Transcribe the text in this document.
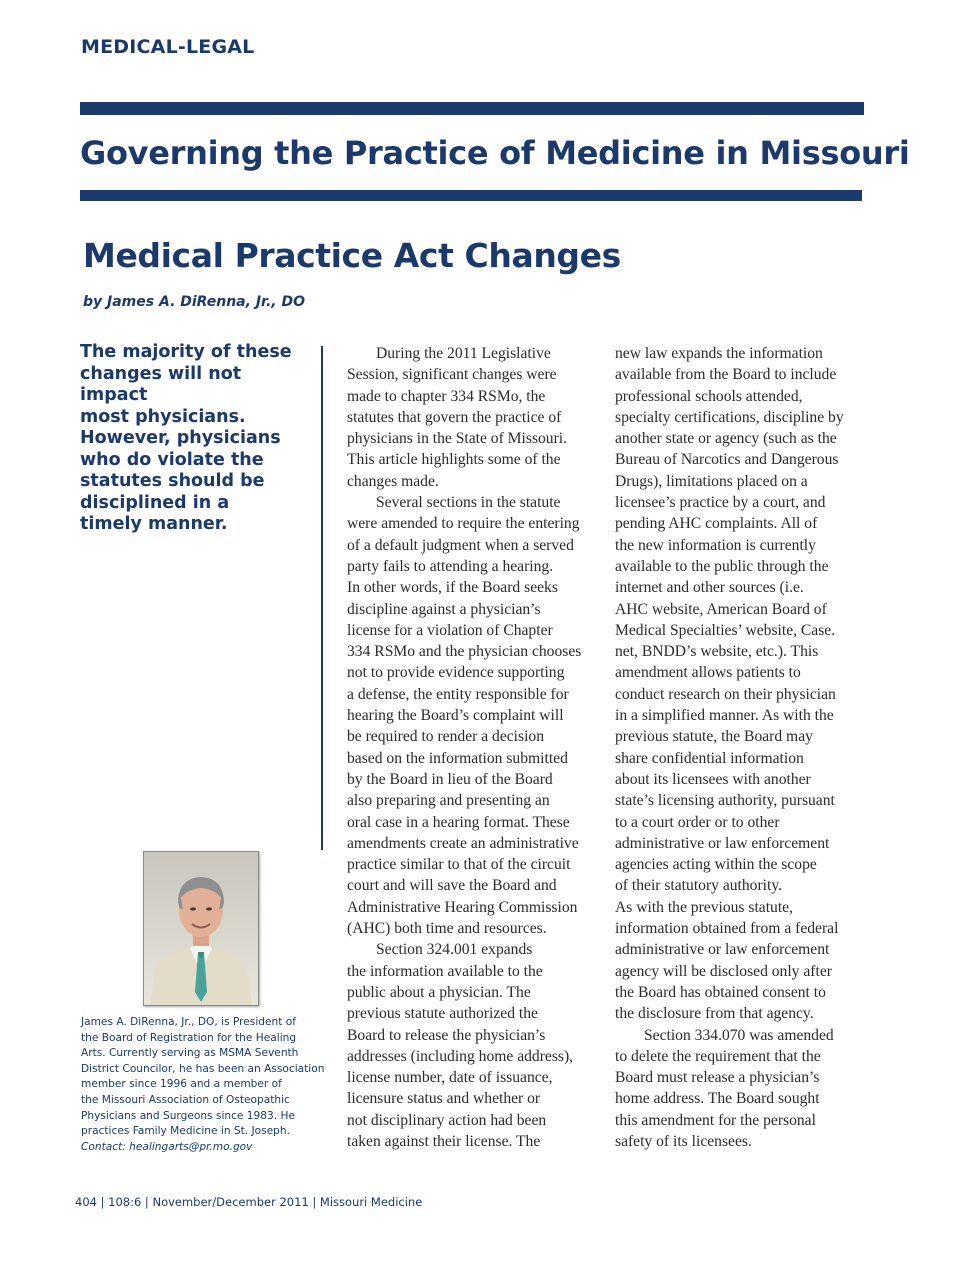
MEDICAL-LEGAL
Governing the Practice of Medicine in Missouri
Medical Practice Act Changes
by James A. DiRenna, Jr., DO
The majority of these
changes will not impact
most physicians.
However, physicians
who do violate the
statutes should be
disciplined in a
timely manner.
James A. DiRenna, Jr., DO, is President of
the Board of Registration for the Healing
Arts. Currently serving as MSMA Seventh
District Councilor, he has been an Association
member since 1996 and a member of
the Missouri Association of Osteopathic
Physicians and Surgeons since 1983. He
practices Family Medicine in St. Joseph.
Contact: healingarts@pr.mo.gov
During the 2011 Legislative
Session, significant changes were
made to chapter 334 RSMo, the
statutes that govern the practice of
physicians in the State of Missouri.
This article highlights some of the
changes made.
Several sections in the statute
were amended to require the entering
of a default judgment when a served
party fails to attending a hearing.
In other words, if the Board seeks
discipline against a physician’s
license for a violation of Chapter
334 RSMo and the physician chooses
not to provide evidence supporting
a defense, the entity responsible for
hearing the Board’s complaint will
be required to render a decision
based on the information submitted
by the Board in lieu of the Board
also preparing and presenting an
oral case in a hearing format. These
amendments create an administrative
practice similar to that of the circuit
court and will save the Board and
Administrative Hearing Commission
(AHC) both time and resources.
Section 324.001 expands
the information available to the
public about a physician. The
previous statute authorized the
Board to release the physician’s
addresses (including home address),
license number, date of issuance,
licensure status and whether or
not disciplinary action had been
taken against their license. The
new law expands the information
available from the Board to include
professional schools attended,
specialty certifications, discipline by
another state or agency (such as the
Bureau of Narcotics and Dangerous
Drugs), limitations placed on a
licensee’s practice by a court, and
pending AHC complaints. All of
the new information is currently
available to the public through the
internet and other sources (i.e.
AHC website, American Board of
Medical Specialties’ website, Case.
net, BNDD’s website, etc.). This
amendment allows patients to
conduct research on their physician
in a simplified manner. As with the
previous statute, the Board may
share confidential information
about its licensees with another
state’s licensing authority, pursuant
to a court order or to other
administrative or law enforcement
agencies acting within the scope
of their statutory authority.
As with the previous statute,
information obtained from a federal
administrative or law enforcement
agency will be disclosed only after
the Board has obtained consent to
the disclosure from that agency.
Section 334.070 was amended
to delete the requirement that the
Board must release a physician’s
home address. The Board sought
this amendment for the personal
safety of its licensees.
404 | 108:6 | November/December 2011 | Missouri Medicine
